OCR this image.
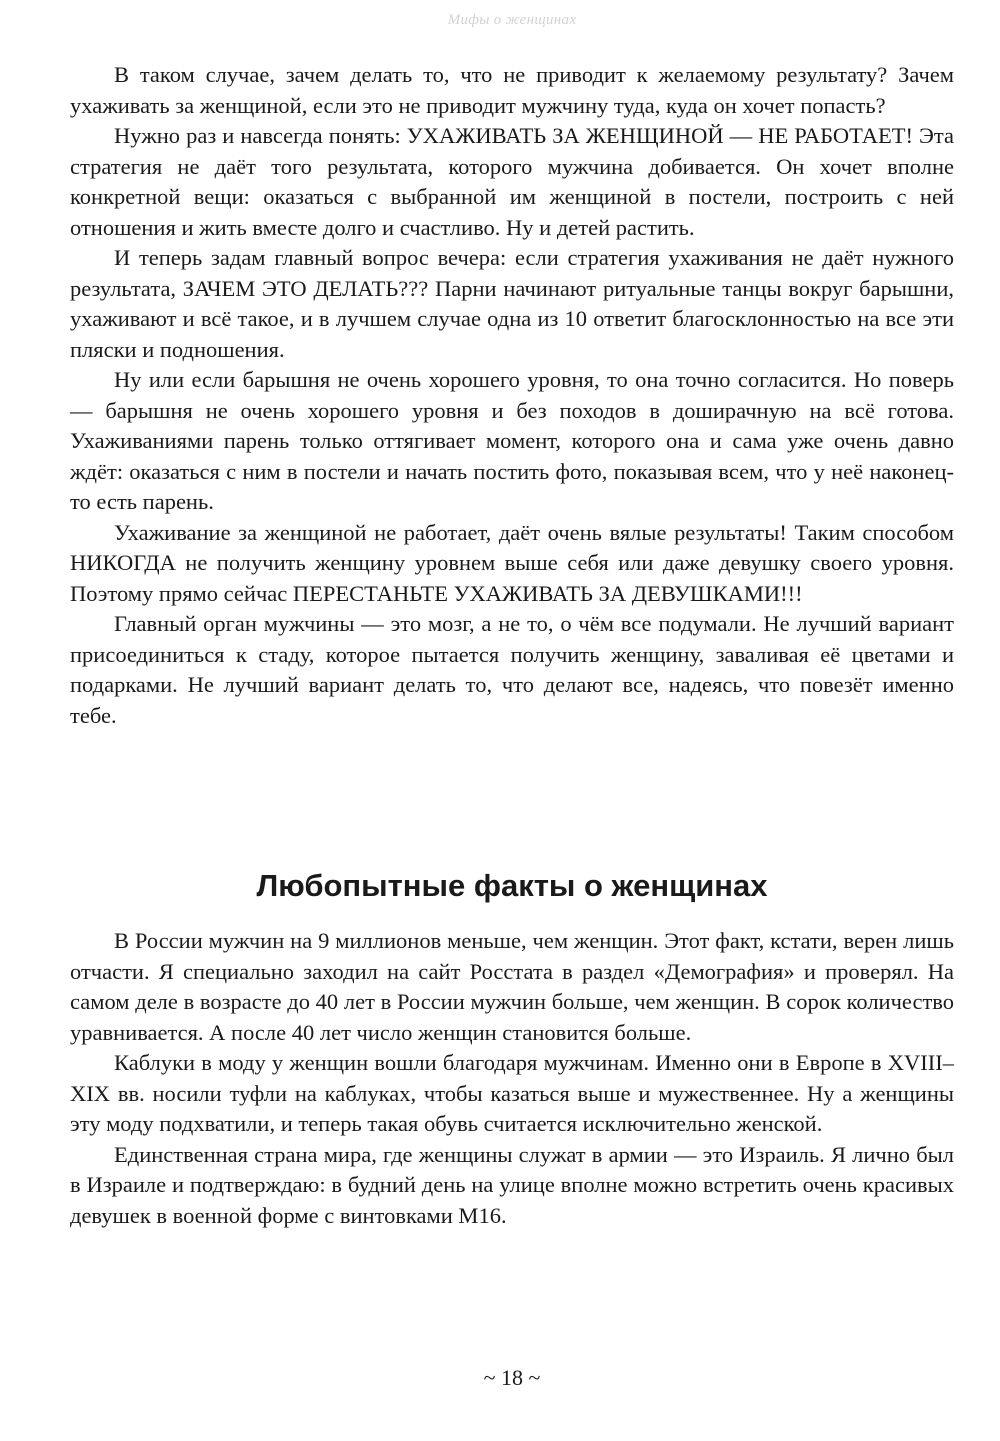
Мифы о женщинах

В таком случае, зачем делать то, что не приводит к желаемому результату? Зачем ухаживать за женщиной, если это не приводит мужчину туда, куда он хочет попасть?

Нужно раз и навсегда понять: УХАЖИВАТЬ ЗА ЖЕНЩИНОЙ — НЕ РАБОТАЕТ! Эта стратегия не даёт того результата, которого мужчина добивается. Он хочет вполне конкретной вещи: оказаться с выбранной им женщиной в постели, построить с ней отношения и жить вместе долго и счастливо. Ну и детей растить.

И теперь задам главный вопрос вечера: если стратегия ухаживания не даёт нужного результата, ЗАЧЕМ ЭТО ДЕЛАТЬ??? Парни начинают ритуальные танцы вокруг барышни, ухаживают и всё такое, и в лучшем случае одна из 10 ответит благосклонностью на все эти пляски и подношения.

Ну или если барышня не очень хорошего уровня, то она точно согласится. Но поверь — барышня не очень хорошего уровня и без походов в доширачную на всё готова. Ухаживаниями парень только оттягивает момент, которого она и сама уже очень давно ждёт: оказаться с ним в постели и начать постить фото, показывая всем, что у неё наконец-то есть парень.

Ухаживание за женщиной не работает, даёт очень вялые результаты! Таким способом НИКОГДА не получить женщину уровнем выше себя или даже девушку своего уровня. Поэтому прямо сейчас ПЕРЕСТАНЬТЕ УХАЖИВАТЬ ЗА ДЕВУШКАМИ!!!

Главный орган мужчины — это мозг, а не то, о чём все подумали. Не лучший вариант присоединиться к стаду, которое пытается получить женщину, заваливая её цветами и подарками. Не лучший вариант делать то, что делают все, надеясь, что повезёт именно тебе.

Любопытные факты о женщинах

В России мужчин на 9 миллионов меньше, чем женщин. Этот факт, кстати, верен лишь отчасти. Я специально заходил на сайт Росстата в раздел «Демография» и проверял. На самом деле в возрасте до 40 лет в России мужчин больше, чем женщин. В сорок количество уравнивается. А после 40 лет число женщин становится больше.

Каблуки в моду у женщин вошли благодаря мужчинам. Именно они в Европе в XVIII–XIX вв. носили туфли на каблуках, чтобы казаться выше и мужественнее. Ну а женщины эту моду подхватили, и теперь такая обувь считается исключительно женской.

Единственная страна мира, где женщины служат в армии — это Израиль. Я лично был в Израиле и подтверждаю: в будний день на улице вполне можно встретить очень красивых девушек в военной форме с винтовками М16.

~ 18 ~
